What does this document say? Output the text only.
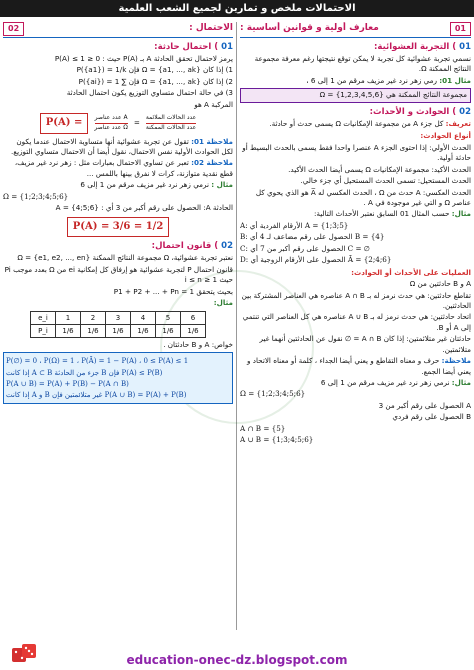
الاحتمالات ملخص و تمارين لجميع الشعب العلمية
01
معارف أولية و قوانين أساسية :
01 ) التجربة العشوائية:

نسمي تجربة عشوائية كل تجربة لا يمكن توقع نتيجتها رغم معرفة مجموعة النتائج الممكنة Ω.

مثال 01: رمي زهر نرد غير مزيف مرقم من 1 إلى 6 ،

مجموعة النتائج الممكنة هي Ω = {1,2,3,4,5,6}
02 ) الحوادث و الأحداث:

تعريف: كل جزء A من مجموعة الإمكانيات Ω يسمى حدث أو حادثة.

أنواع الحوادث:

الحدث الأولي: إذا احتوى الجزء A عنصرا واحدا فقط يسمى بالحدث البسيط أو حادثة أولية.

الحدث الأكيد: مجموعة الإمكانيات Ω يسمى أيضا الحدث الأكيد.

الحدث المستحيل: تسمى الحدث المستحيل أي جزء خالي.

الحدث العكسي: A حدث من Ω ، الحدث العكسي له A̅ هو الذي يحوي كل عناصر Ω و التي غير موجودة في A .

مثال: حسب المثال 01 السابق نعتبر الأحداث التالية:

A: الأرقام الفردية أي A = {1;3;5}

B: الحصول على رقم مضاعف لـ 4 أي B = {4}

C: الحصول على رقم أكبر من 7 أي C = ∅

D: الحصول على الأرقام الزوجية أي Ā = {2;4;6}

العمليات على الأحداث أو الحوادث:

A و B حادثتين من Ω

تقاطع حادثتين: هي حدث نرمز له بـ A ∩ B عناصره هي العناصر المشتركة بين الحادثتين.

اتحاد حادثتين: هي حدث نرمز له بـ A ∪ B عناصره هي كل العناصر التي تنتمي إلى A أو B.

حادثتان غير متلائمتين: إذا كان A ∩ B = ∅ نقول عن الحادثتين أنهما غير متلائمتين.

ملاحظة: حرف و معناه التقاطع و يعني أيضا الجداء ، كلمة أو معناه الاتحاد و يعني أيضا الجمع.

مثال: نرمي زهر نرد غير مزيف مرقم من 1 إلى 6

Ω = {1;2;3;4;5;6}

A الحصول على رقم أكبر من 3

B الحصول على رقم فردي

A ∩ B = {5}

A ∪ B = {1;3;4;5;6}

الاحتمال :
02
01 ) احتمال حادثة:

يرمز لاحتمال تحقق الحادثة A بـ P(A) حيث : 0 ≤ P(A) ≤ 1

1) إذا كان Ω = {a1, ..., ak} فإن P({a1}) = 1/k

2) إذا كان Ω = {a1, ..., ak} فإن ∑ P({ai}) = 1

3) في حالة احتمال متساوي التوزيع يكون احتمال الحادثة

المركبة A هو

P(A) =	$\frac{\text{عدد عناصر A}}{\text{عدد عناصر Ω}} = \frac{\text{عدد الحالات الملائمة}}{\text{عدد الحالات الممكنة}}$

ملاحظة 01: تقول عن تجربة عشوائية أنها متساوية الاحتمال عندما يكون لكل الحوادث الأولية نفس الاحتمال، نقول أيضا أن الاحتمال متساوي التوزيع.

ملاحظة 02: تعبر عن تساوي الاحتمال بعبارات مثل : زهر نرد غير مزيف، قطع نقدية متوازنة، كرات لا نفرق بينها باللمس ...

مثال : نرمي زهر نرد غير مزيف مرقم من 1 إلى 6

Ω = {1;2;3;4;5;6}

الحادثة A: الحصول على رقم أكبر من 3 أي : A = {4;5;6}

P(A) = 3/6 = 1/2
02 ) قانون احتمال:

نعتبر تجربة عشوائية، Ω مجموعة النتائج الممكنة Ω = {e1, e2, ..., en}

قانون احتمال P لتجربة عشوائية هو إرفاق كل إمكانية ei من Ω بعدد موجب Pi حيث 1 ≤ i ≤ n

بحيث يتحقق P1 + P2 + ... + Pn = 1

مثال:

e_i	1	2	3	4	5	6
P_i	1/6	1/6	1/6	1/6	1/6	1/6

خواص: A و B حادثتان .

P(∅) = 0 ، P(Ω) = 1 ، P(Ā) = 1 − P(A) ، 0 ≤ P(A) ≤ 1
إذا كانت A ⊂ B جزء من الحادثة B فإن P(A) ≤ P(B)
P(A ∪ B) = P(A) + P(B) − P(A ∩ B)
إذا كانت A و B غير متلائمتين فإن P(A ∪ B) = P(A) + P(B)
education-onec-dz.blogspot.com
